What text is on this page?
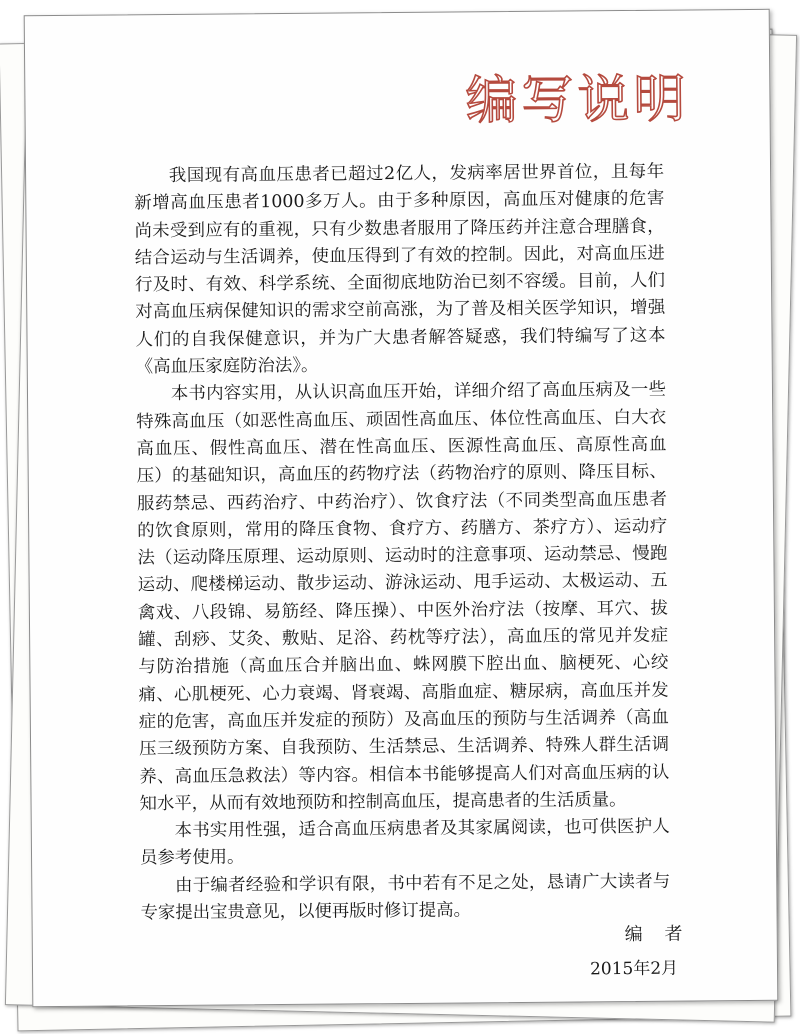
编写说明

我国现有高血压患者已超过2亿人，发病率居世界首位，且每年新增高血压患者1000多万人。由于多种原因，高血压对健康的危害尚未受到应有的重视，只有少数患者服用了降压药并注意合理膳食，结合运动与生活调养，使血压得到了有效的控制。因此，对高血压进行及时、有效、科学系统、全面彻底地防治已刻不容缓。目前，人们对高血压病保健知识的需求空前高涨，为了普及相关医学知识，增强人们的自我保健意识，并为广大患者解答疑惑，我们特编写了这本《高血压家庭防治法》。

本书内容实用，从认识高血压开始，详细介绍了高血压病及一些特殊高血压（如恶性高血压、顽固性高血压、体位性高血压、白大衣高血压、假性高血压、潜在性高血压、医源性高血压、高原性高血压）的基础知识，高血压的药物疗法（药物治疗的原则、降压目标、服药禁忌、西药治疗、中药治疗）、饮食疗法（不同类型高血压患者的饮食原则，常用的降压食物、食疗方、药膳方、茶疗方）、运动疗法（运动降压原理、运动原则、运动时的注意事项、运动禁忌、慢跑运动、爬楼梯运动、散步运动、游泳运动、甩手运动、太极运动、五禽戏、八段锦、易筋经、降压操）、中医外治疗法（按摩、耳穴、拔罐、刮痧、艾灸、敷贴、足浴、药枕等疗法），高血压的常见并发症与防治措施（高血压合并脑出血、蛛网膜下腔出血、脑梗死、心绞痛、心肌梗死、心力衰竭、肾衰竭、高脂血症、糖尿病，高血压并发症的危害，高血压并发症的预防）及高血压的预防与生活调养（高血压三级预防方案、自我预防、生活禁忌、生活调养、特殊人群生活调养、高血压急救法）等内容。相信本书能够提高人们对高血压病的认知水平，从而有效地预防和控制高血压，提高患者的生活质量。

本书实用性强，适合高血压病患者及其家属阅读，也可供医护人员参考使用。

由于编者经验和学识有限，书中若有不足之处，恳请广大读者与专家提出宝贵意见，以便再版时修订提高。

编 者
2015年2月
